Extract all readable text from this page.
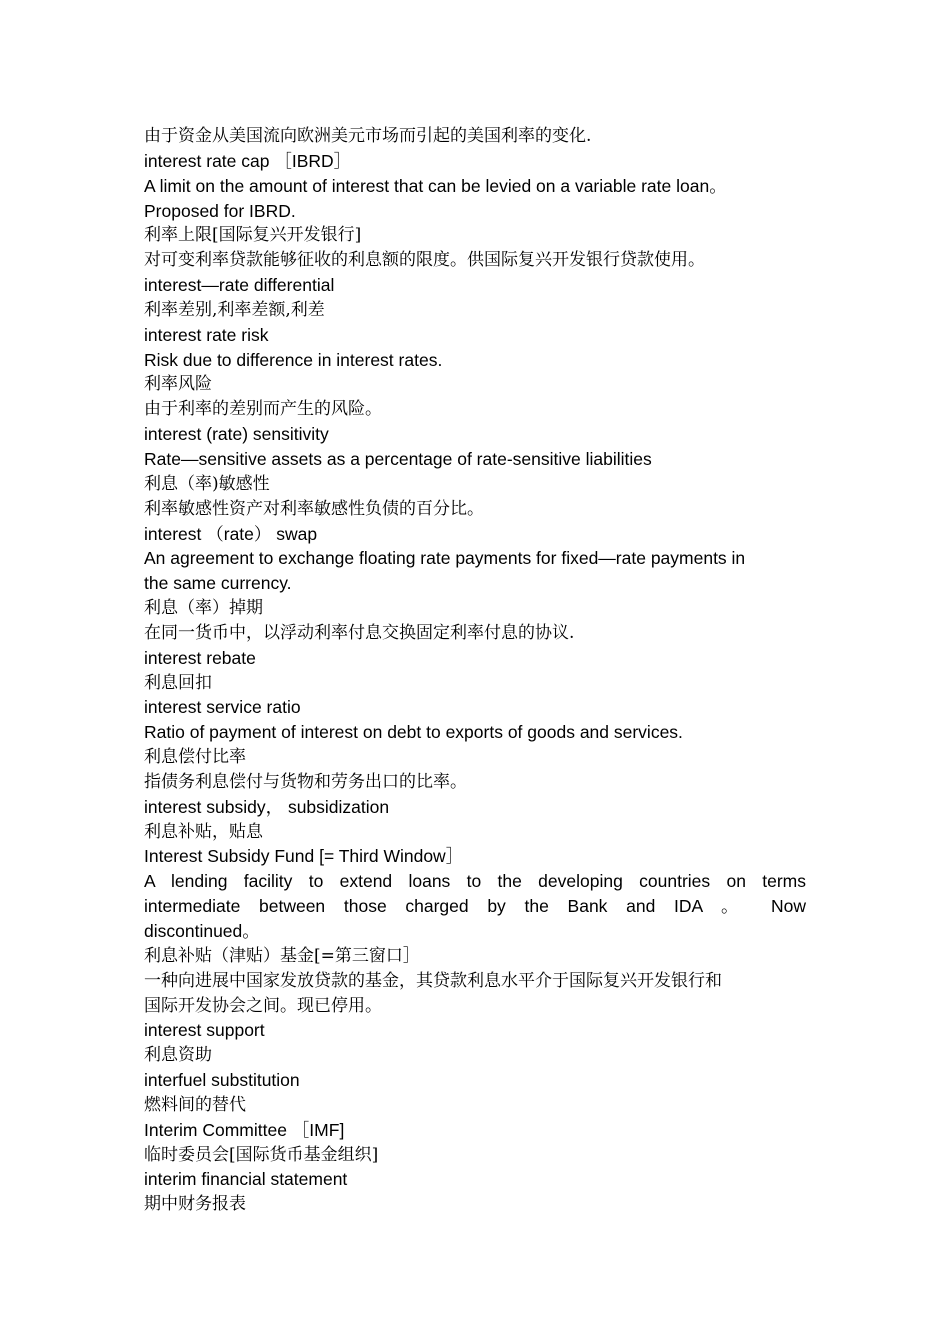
由于资金从美国流向欧洲美元市场而引起的美国利率的变化.
interest rate cap ［IBRD］
A limit on the amount of interest that can be levied on a variable rate loan。
Proposed for IBRD.
利率上限[国际复兴开发银行]
对可变利率贷款能够征收的利息额的限度。供国际复兴开发银行贷款使用。
interest—rate differential
利率差别,利率差额,利差
interest rate risk
Risk due to difference in interest rates.
利率风险
由于利率的差别而产生的风险。
interest (rate) sensitivity
Rate—sensitive assets as a percentage of rate-sensitive liabilities
利息（率)敏感性
利率敏感性资产对利率敏感性负债的百分比。
interest （rate） swap
An agreement to exchange floating rate payments for fixed—rate payments in
the same currency.
利息（率）掉期
在同一货币中，以浮动利率付息交换固定利率付息的协议.
interest rebate
利息回扣
interest service ratio
Ratio of payment of interest on debt to exports of goods and services.
利息偿付比率
指债务利息偿付与货物和劳务出口的比率。
interest subsidy， subsidization
利息补贴，贴息
Interest Subsidy Fund [= Third Window］
A lending facility to extend loans to the developing countries on terms
intermediate between those charged by the Bank and IDA 。 Now
discontinued。
利息补贴（津贴）基金[=第三窗口］
一种向进展中国家发放贷款的基金，其贷款利息水平介于国际复兴开发银行和
国际开发协会之间。现已停用。
interest support
利息资助
interfuel substitution
燃料间的替代
Interim Committee ［IMF]
临时委员会[国际货币基金组织]
interim financial statement
期中财务报表
